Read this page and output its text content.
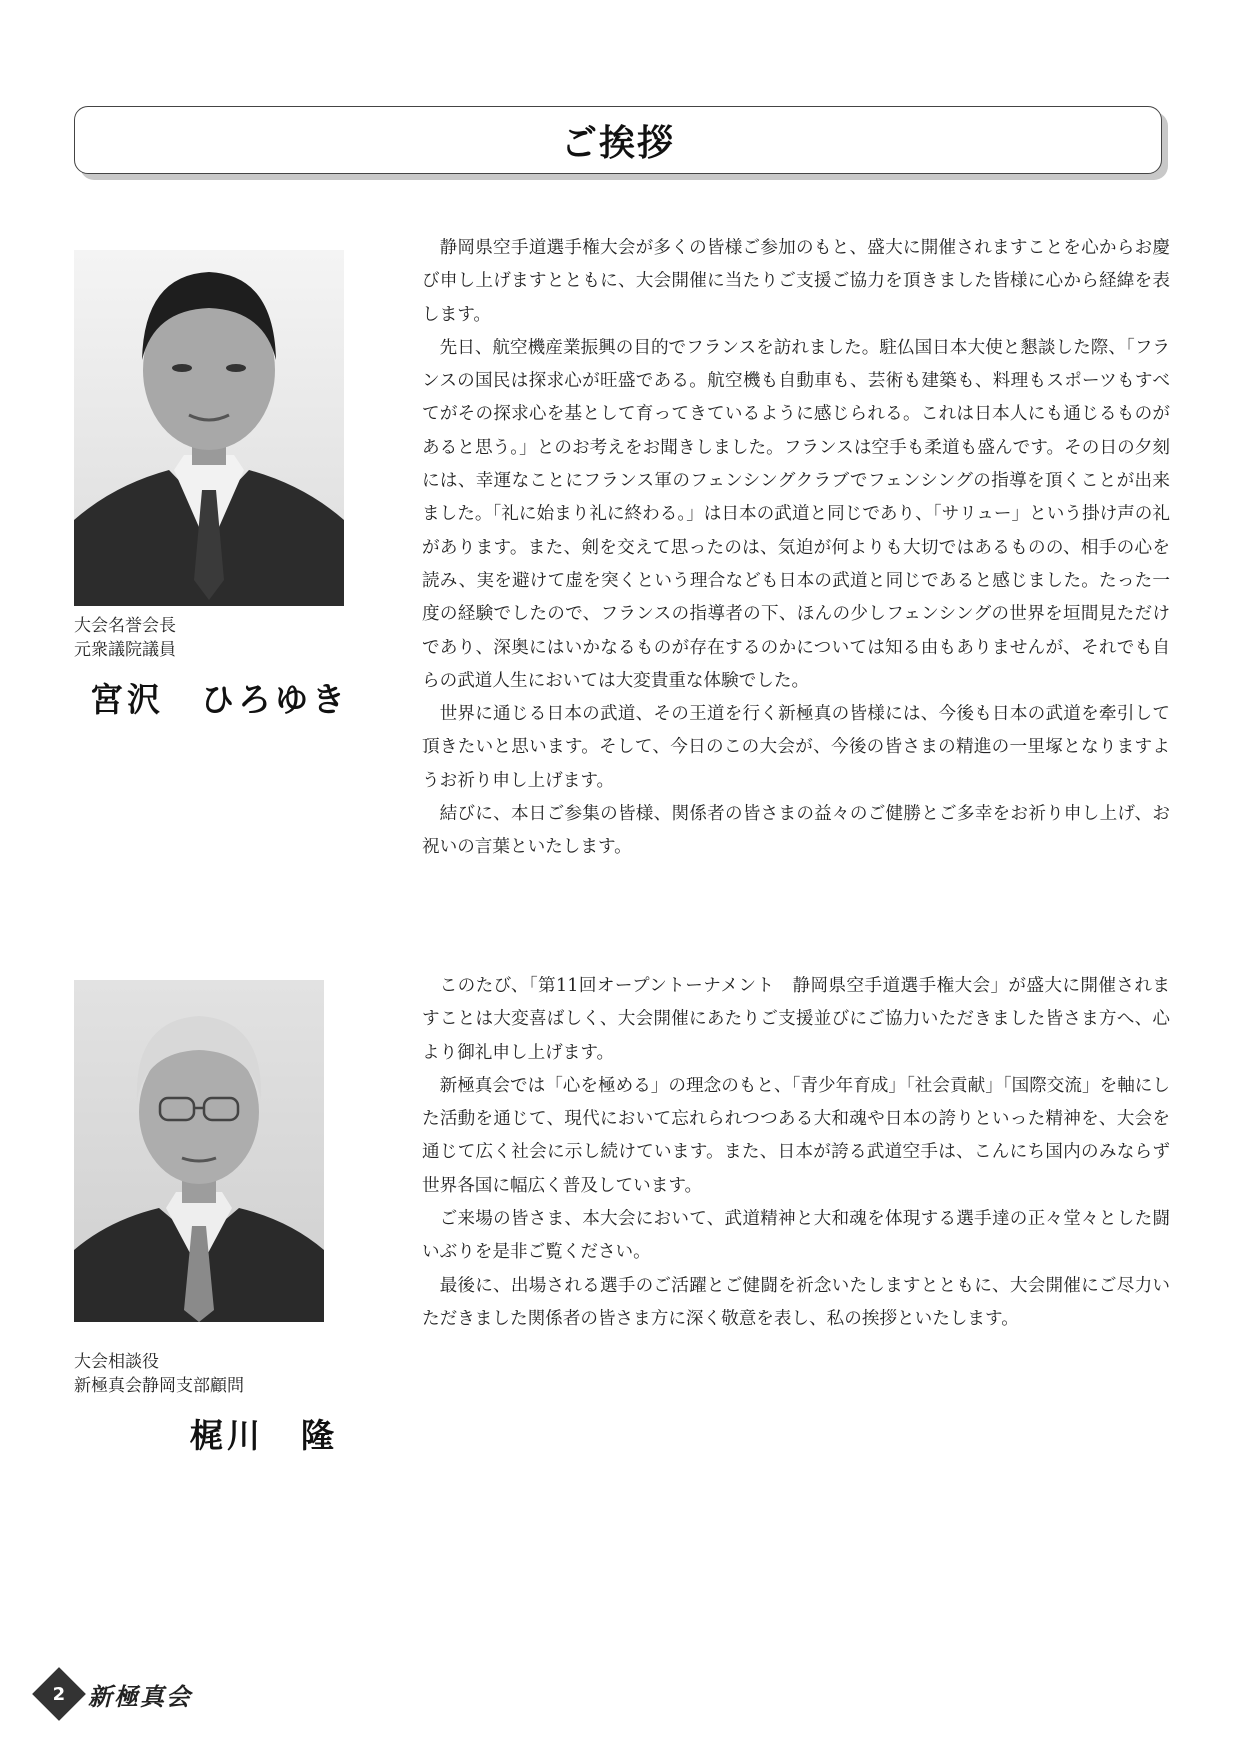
ご挨拶
大会名誉会長
元衆議院議員
宮沢　ひろゆき

静岡県空手道選手権大会が多くの皆様ご参加のもと、盛大に開催されますことを心からお慶び申し上げますとともに、大会開催に当たりご支援ご協力を頂きました皆様に心から経緯を表します。

先日、航空機産業振興の目的でフランスを訪れました。駐仏国日本大使と懇談した際、「フランスの国民は探求心が旺盛である。航空機も自動車も、芸術も建築も、料理もスポーツもすべてがその探求心を基として育ってきているように感じられる。これは日本人にも通じるものがあると思う。」とのお考えをお聞きしました。フランスは空手も柔道も盛んです。その日の夕刻には、幸運なことにフランス軍のフェンシングクラブでフェンシングの指導を頂くことが出来ました。「礼に始まり礼に終わる。」は日本の武道と同じであり、「サリュー」という掛け声の礼があります。また、剣を交えて思ったのは、気迫が何よりも大切ではあるものの、相手の心を読み、実を避けて虚を突くという理合なども日本の武道と同じであると感じました。たった一度の経験でしたので、フランスの指導者の下、ほんの少しフェンシングの世界を垣間見ただけであり、深奥にはいかなるものが存在するのかについては知る由もありませんが、それでも自らの武道人生においては大変貴重な体験でした。

世界に通じる日本の武道、その王道を行く新極真の皆様には、今後も日本の武道を牽引して頂きたいと思います。そして、今日のこの大会が、今後の皆さまの精進の一里塚となりますようお祈り申し上げます。

結びに、本日ご参集の皆様、関係者の皆さまの益々のご健勝とご多幸をお祈り申し上げ、お祝いの言葉といたします。

大会相談役
新極真会静岡支部顧問
梶川　隆

このたび、「第11回オープントーナメント　静岡県空手道選手権大会」が盛大に開催されますことは大変喜ばしく、大会開催にあたりご支援並びにご協力いただきました皆さま方へ、心より御礼申し上げます。

新極真会では「心を極める」の理念のもと、「青少年育成」「社会貢献」「国際交流」を軸にした活動を通じて、現代において忘れられつつある大和魂や日本の誇りといった精神を、大会を通じて広く社会に示し続けています。また、日本が誇る武道空手は、こんにち国内のみならず世界各国に幅広く普及しています。

ご来場の皆さま、本大会において、武道精神と大和魂を体現する選手達の正々堂々とした闘いぶりを是非ご覧ください。

最後に、出場される選手のご活躍とご健闘を祈念いたしますとともに、大会開催にご尽力いただきました関係者の皆さま方に深く敬意を表し、私の挨拶といたします。

2 新極真会
